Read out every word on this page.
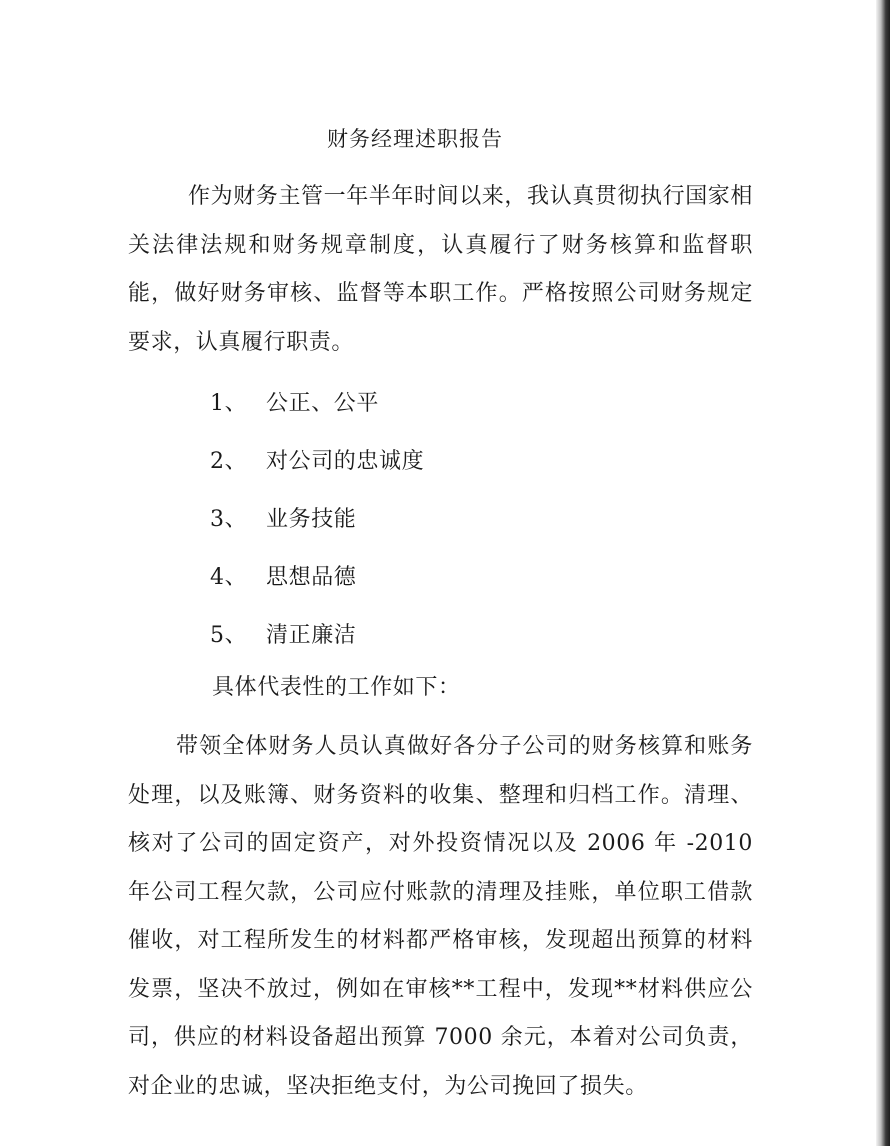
财务经理述职报告

作为财务主管一年半年时间以来，我认真贯彻执行国家相关法律法规和财务规章制度，认真履行了财务核算和监督职能，做好财务审核、监督等本职工作。严格按照公司财务规定要求，认真履行职责。

1、 公正、公平
2、 对公司的忠诚度
3、 业务技能
4、 思想品德
5、 清正廉洁
具体代表性的工作如下：

带领全体财务人员认真做好各分子公司的财务核算和账务处理，以及账簿、财务资料的收集、整理和归档工作。清理、核对了公司的固定资产，对外投资情况以及 2006 年 -2010 年公司工程欠款，公司应付账款的清理及挂账，单位职工借款催收，对工程所发生的材料都严格审核，发现超出预算的材料发票，坚决不放过，例如在审核**工程中，发现**材料供应公司，供应的材料设备超出预算 7000 余元，本着对公司负责，对企业的忠诚，坚决拒绝支付，为公司挽回了损失。
